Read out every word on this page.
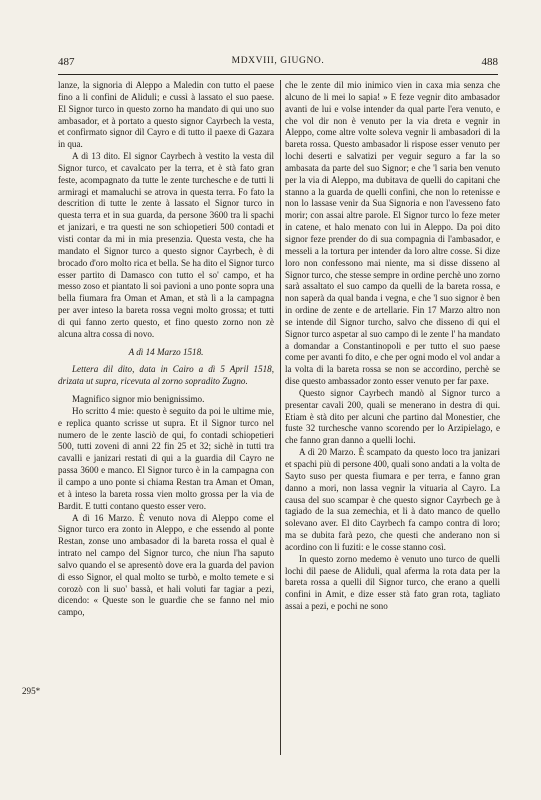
487	MDXVIII, GIUGNO.	488

lanze, la signoria di Aleppo a Maledin con tutto el paese fino a li confini de Aliduli; e cussì à lassato el suo paese. El Signor turco in questo zorno ha mandato di qui uno suo ambasador, et à portato a questo signor Cayrbech la vesta, et confirmato signor dil Cayro e di tutto il paexe di Gazara in qua.

A dì 13 dito. El signor Cayrbech à vestito la vesta dil Signor turco, et cavalcato per la terra, et è stà fato gran feste, acompagnato da tutte le zente turchesche e de tutti li armiragi et mamaluchi se atrova in questa terra. Fo fato la descrition di tutte le zente à lassato el Signor turco in questa terra et in sua guarda, da persone 3600 tra li spachi et janizari, e tra questi ne son schiopetieri 500 contadi et visti contar da mi in mia presenzia. Questa vesta, che ha mandato el Signor turco a questo signor Cayrbech, è di brocado d'oro molto rica et bella. Se ha dito el Signor turco esser partito di Damasco con tutto el so' campo, et ha messo zoso et piantato li soi pavioni a uno ponte sopra una bella fiumara fra Oman et Aman, et stà lì a la campagna per aver inteso la bareta rossa vegni molto grossa; et tutti di qui fanno zerto questo, et fino questo zorno non zè alcuna altra cossa di novo.

A dì 14 Marzo 1518.

Lettera dil dito, data in Cairo a dì 5 April 1518, drizata ut supra, ricevuta al zorno sopradito Zugno.

Magnifico signor mio benignissimo.

Ho scritto 4 mie: questo è seguito da poi le ultime mie, e replica quanto scrisse ut supra. Et il Signor turco nel numero de le zente lasciò de qui, fo contadi schiopetieri 500, tutti zoveni di anni 22 fin 25 et 32; sichè in tutti tra cavalli e janizari restati di qui a la guardia dil Cayro ne passa 3600 e manco. El Signor turco è in la campagna con il campo a uno ponte si chiama Restan tra Aman et Oman, et à inteso la bareta rossa vien molto grossa per la via de Bardit. E tutti contano questo esser vero.

A dì 16 Marzo. È venuto nova di Aleppo come el Signor turco era zonto in Aleppo, e che essendo al ponte Restan, zonse uno ambasador di la bareta rossa el qual è intrato nel campo del Signor turco, che niun l'ha saputo salvo quando el se apresentò dove era la guarda del pavion di esso Signor, el qual molto se turbò, e molto temete e si corozò con li suo' bassà, et hali voluti far tagiar a pezi, dicendo: « Queste son le guardie che se fanno nel mio campo,

che le zente dil mio inimico vien in caxa mia senza che alcuno de li mei lo sapia! » E feze vegnir dito ambasador avanti de lui e volse intender da qual parte l'era venuto, e che vol dir non è venuto per la via dreta e vegnir in Aleppo, come altre volte soleva vegnir li ambasadori di la bareta rossa. Questo ambasador li rispose esser venuto per lochi deserti e salvatizi per veguir seguro a far la so ambasata da parte del suo Signor; e che 'l saria ben venuto per la via di Aleppo, ma dubitava de quelli do capitani che stanno a la guarda de quelli confini, che non lo retenisse e non lo lassase venir da Sua Signoria e non l'avesseno fato morir; con assai altre parole. El Signor turco lo feze meter in catene, et halo menato con lui in Aleppo. Da poi dito signor feze prender do di sua compagnia di l'ambasador, e messeli a la tortura per intender da loro altre cosse. Si dize loro non confessono mai niente, ma si disse disseno al Signor turco, che stesse sempre in ordine perchè uno zorno sarà assaltato el suo campo da quelli de la bareta rossa, e non saperà da qual banda i vegna, e che 'l suo signor è ben in ordine de zente e de artellarie. Fin 17 Marzo altro non se intende dil Signor turcho, salvo che disseno di qui el Signor turco aspetar al suo campo di le zente l' ha mandato a domandar a Constantinopoli e per tutto el suo paese come per avanti fo dito, e che per ogni modo el vol andar a la volta di la bareta rossa se non se accordino, perchè se dise questo ambassador zonto esser venuto per far paxe.

Questo signor Cayrbech mandò al Signor turco a presentar cavali 200, quali se menerano in destra di qui. Etiam è stà dito per alcuni che partino dal Monestier, che fuste 32 turchesche vanno scorendo per lo Arzipielago, e che fanno gran danno a quelli lochi.

A dì 20 Marzo. È scampato da questo loco tra janizari et spachi più di persone 400, quali sono andati a la volta de Sayto suso per questa fiumara e per terra, e fanno gran danno a mori, non lassa vegnir la vituaria al Cayro. La causa del suo scampar è che questo signor Cayrbech ge à tagiado de la sua zemechia, et li à dato manco de quello solevano aver. El dito Cayrbech fa campo contra di loro; ma se dubita farà pezo, che questi che anderano non si acordino con li fuziti: e le cosse stanno così.

In questo zorno medemo è venuto uno turco de quelli lochi dil paese de Aliduli, qual aferma la rota data per la bareta rossa a quelli dil Signor turco, che erano a quelli confini in Amit, e dize esser stà fato gran rota, tagliato assai a pezi, e pochi ne sono

295*
